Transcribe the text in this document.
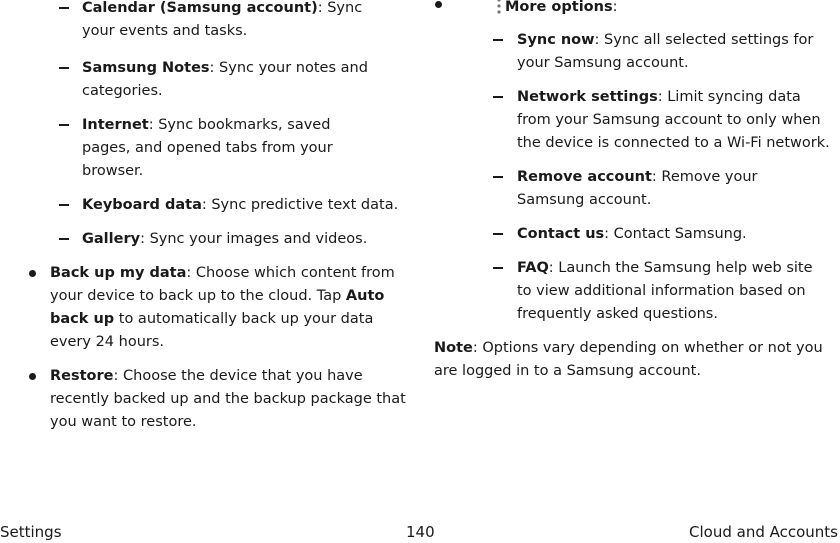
Calendar (Samsung account): Sync your events and tasks.

Samsung Notes: Sync your notes and categories.

Internet: Sync bookmarks, saved pages, and opened tabs from your browser.

Keyboard data: Sync predictive text data.

Gallery: Sync your images and videos.

Back up my data: Choose which content from your device to back up to the cloud. Tap Auto back up to automatically back up your data every 24 hours.

Restore: Choose the device that you have recently backed up and the backup package that you want to restore.

More options:

Sync now: Sync all selected settings for your Samsung account.

Network settings: Limit syncing data from your Samsung account to only when the device is connected to a Wi-Fi network.

Remove account: Remove your Samsung account.

Contact us: Contact Samsung.

FAQ: Launch the Samsung help web site to view additional information based on frequently asked questions.

Note: Options vary depending on whether or not you are logged in to a Samsung account.

Settings	140	Cloud and Accounts
